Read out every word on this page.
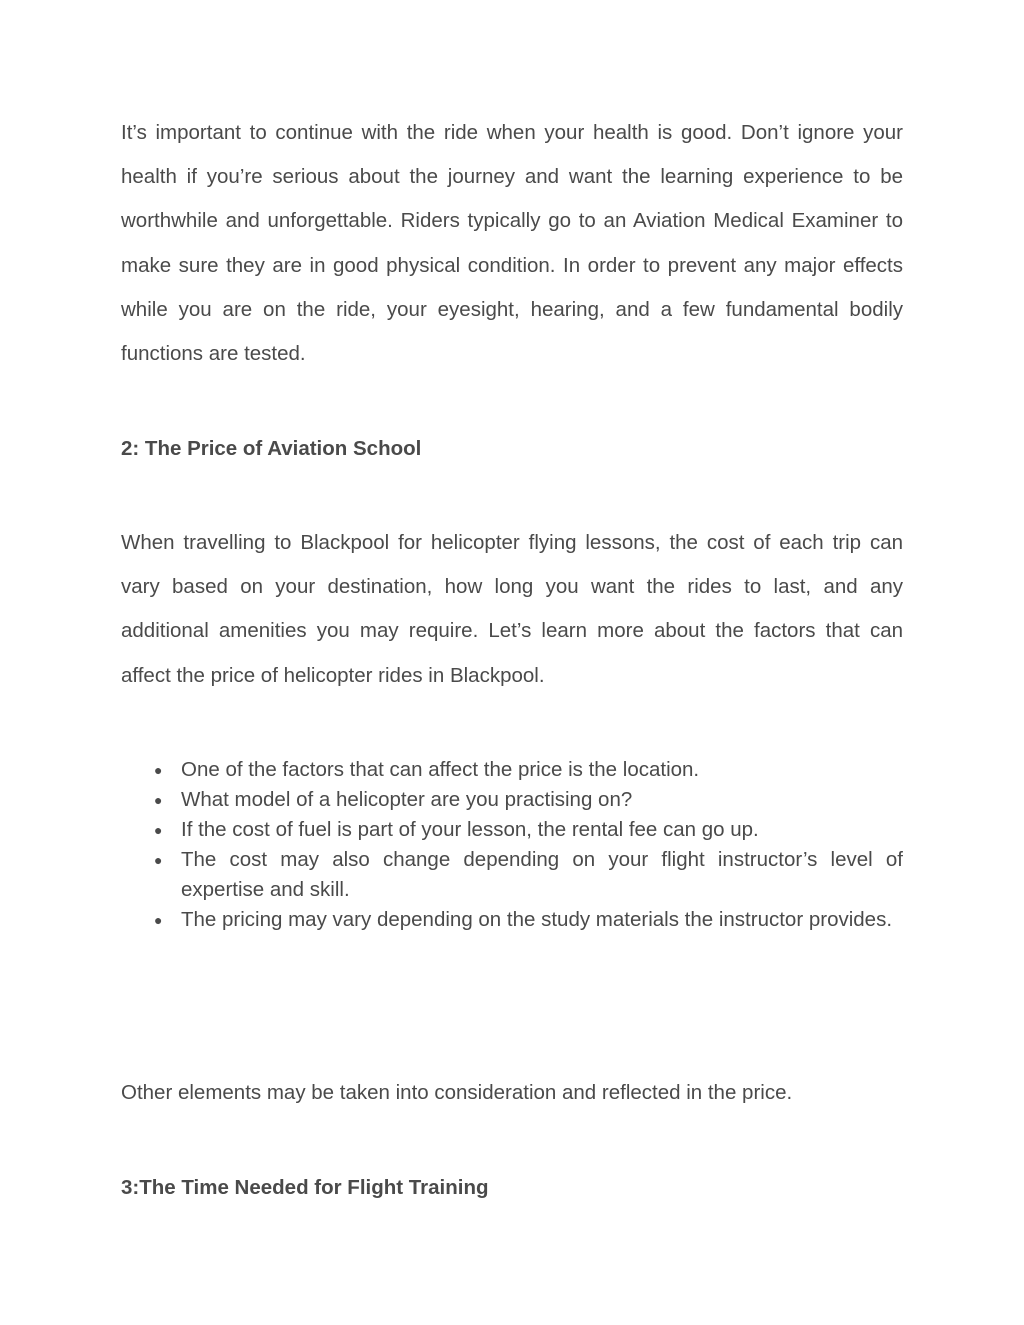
It’s important to continue with the ride when your health is good. Don’t ignore your health if you’re serious about the journey and want the learning experience to be worthwhile and unforgettable. Riders typically go to an Aviation Medical Examiner to make sure they are in good physical condition. In order to prevent any major effects while you are on the ride, your eyesight, hearing, and a few fundamental bodily functions are tested.

2: The Price of Aviation School

When travelling to Blackpool for helicopter flying lessons, the cost of each trip can vary based on your destination, how long you want the rides to last, and any additional amenities you may require. Let’s learn more about the factors that can affect the price of helicopter rides in Blackpool.

● One of the factors that can affect the price is the location.
● What model of a helicopter are you practising on?
● If the cost of fuel is part of your lesson, the rental fee can go up.
● The cost may also change depending on your flight instructor’s level of expertise and skill.
● The pricing may vary depending on the study materials the instructor provides.

Other elements may be taken into consideration and reflected in the price.

3:The Time Needed for Flight Training
